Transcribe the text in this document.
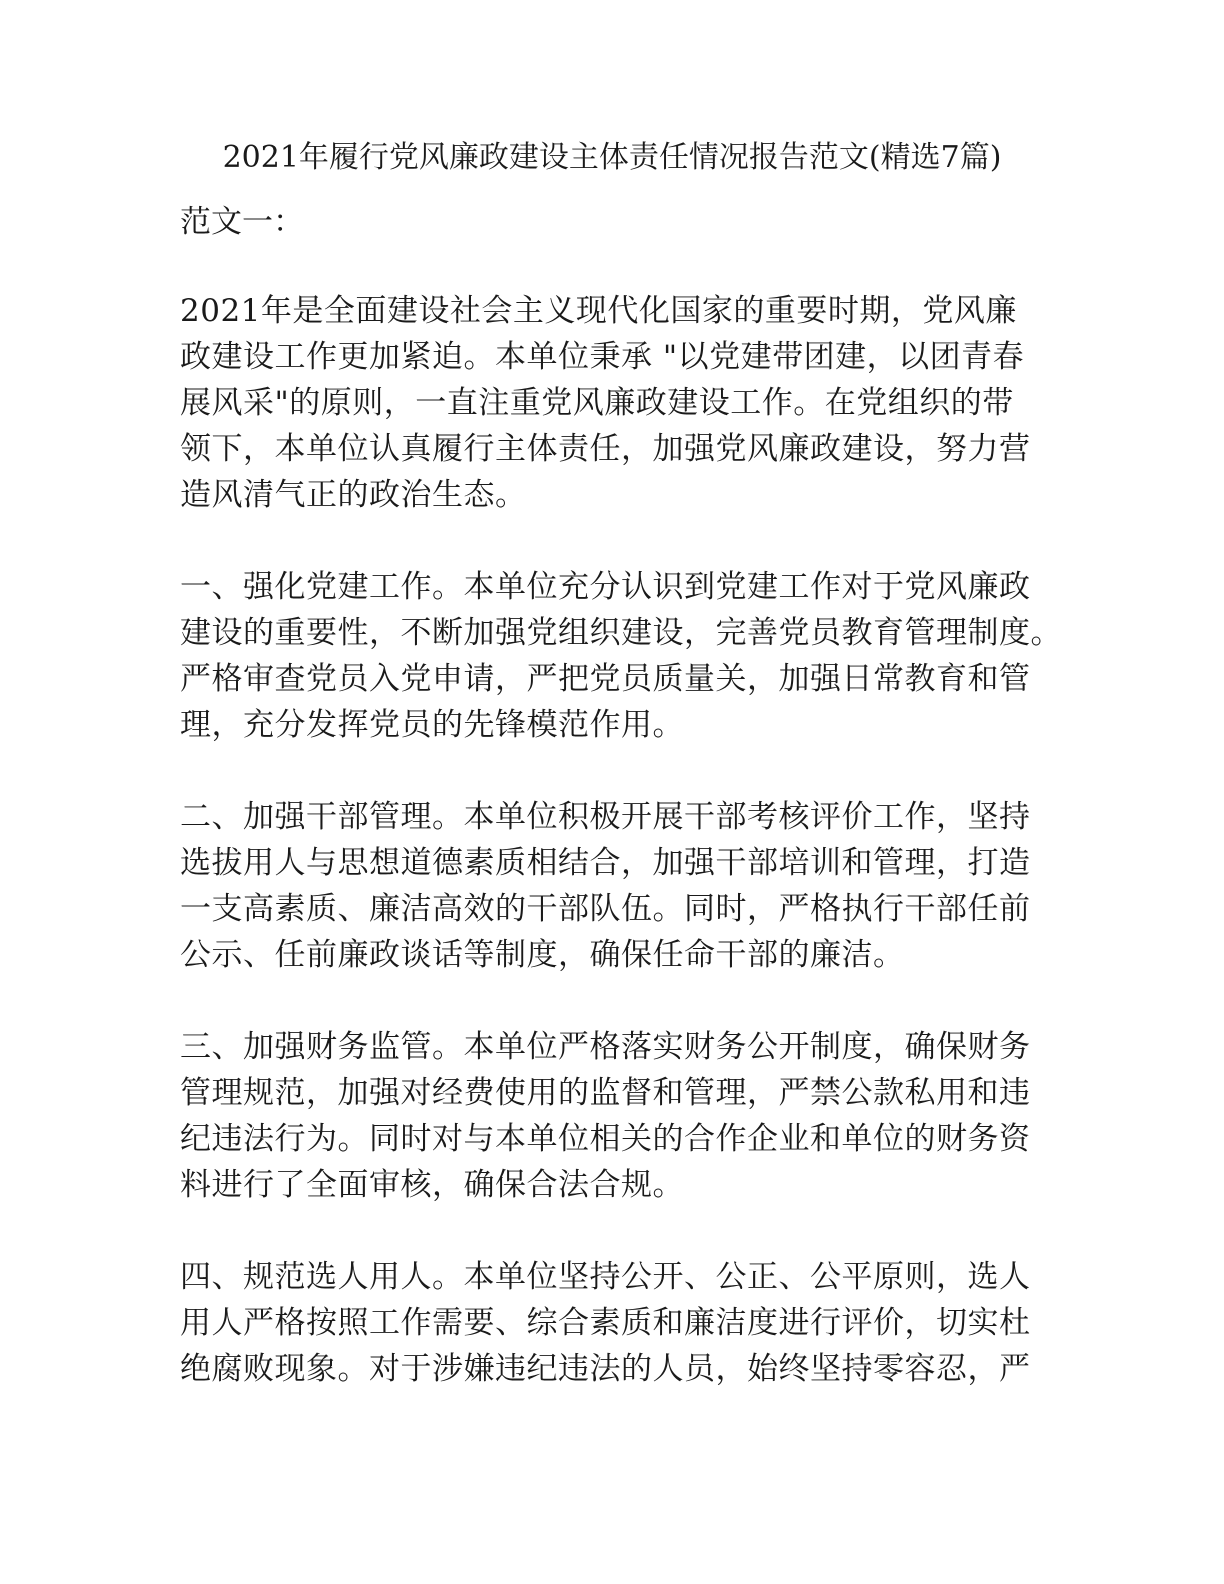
2021年履行党风廉政建设主体责任情况报告范文(精选7篇)

范文一：

2021年是全面建设社会主义现代化国家的重要时期，党风廉
政建设工作更加紧迫。本单位秉承 "以党建带团建，以团青春
展风采"的原则，一直注重党风廉政建设工作。在党组织的带
领下，本单位认真履行主体责任，加强党风廉政建设，努力营
造风清气正的政治生态。

一、强化党建工作。本单位充分认识到党建工作对于党风廉政
建设的重要性，不断加强党组织建设，完善党员教育管理制度。
严格审查党员入党申请，严把党员质量关，加强日常教育和管
理，充分发挥党员的先锋模范作用。

二、加强干部管理。本单位积极开展干部考核评价工作，坚持
选拔用人与思想道德素质相结合，加强干部培训和管理，打造
一支高素质、廉洁高效的干部队伍。同时，严格执行干部任前
公示、任前廉政谈话等制度，确保任命干部的廉洁。

三、加强财务监管。本单位严格落实财务公开制度，确保财务
管理规范，加强对经费使用的监督和管理，严禁公款私用和违
纪违法行为。同时对与本单位相关的合作企业和单位的财务资
料进行了全面审核，确保合法合规。

四、规范选人用人。本单位坚持公开、公正、公平原则，选人
用人严格按照工作需要、综合素质和廉洁度进行评价，切实杜
绝腐败现象。对于涉嫌违纪违法的人员，始终坚持零容忍，严
